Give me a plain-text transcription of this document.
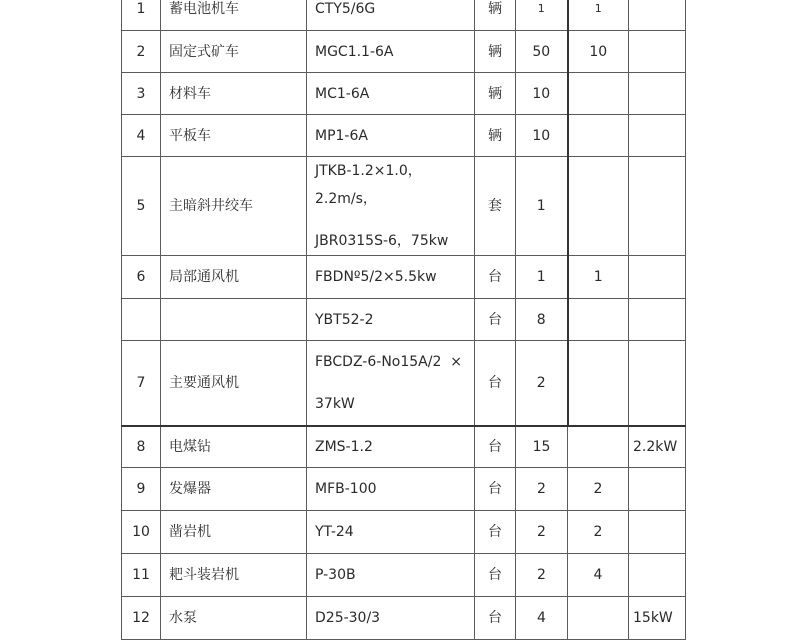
1	蓄电池机车	CTY5/6G	辆	1	1	
2	固定式矿车	MGC1.1-6A	辆	50	10	
3	材料车	MC1-6A	辆	10		
4	平板车	MP1-6A	辆	10		
5	主暗斜井绞车	JTKB-1.2×1.0，2.2m/s，
JBR0315S-6，75kw	套	1		
6	局部通风机	FBDNº5/2×5.5kw	台	1	1	
		YBT52-2	台	8		
7	主要通风机	FBCDZ-6-No15A/2  ×
37kW	台	2		
8	电煤钻	ZMS-1.2	台	15		2.2kW
9	发爆器	MFB-100	台	2	2	
10	凿岩机	YT-24	台	2	2	
11	耙斗装岩机	P-30B	台	2	4	
12	水泵	D25-30/3	台	4		15kW
